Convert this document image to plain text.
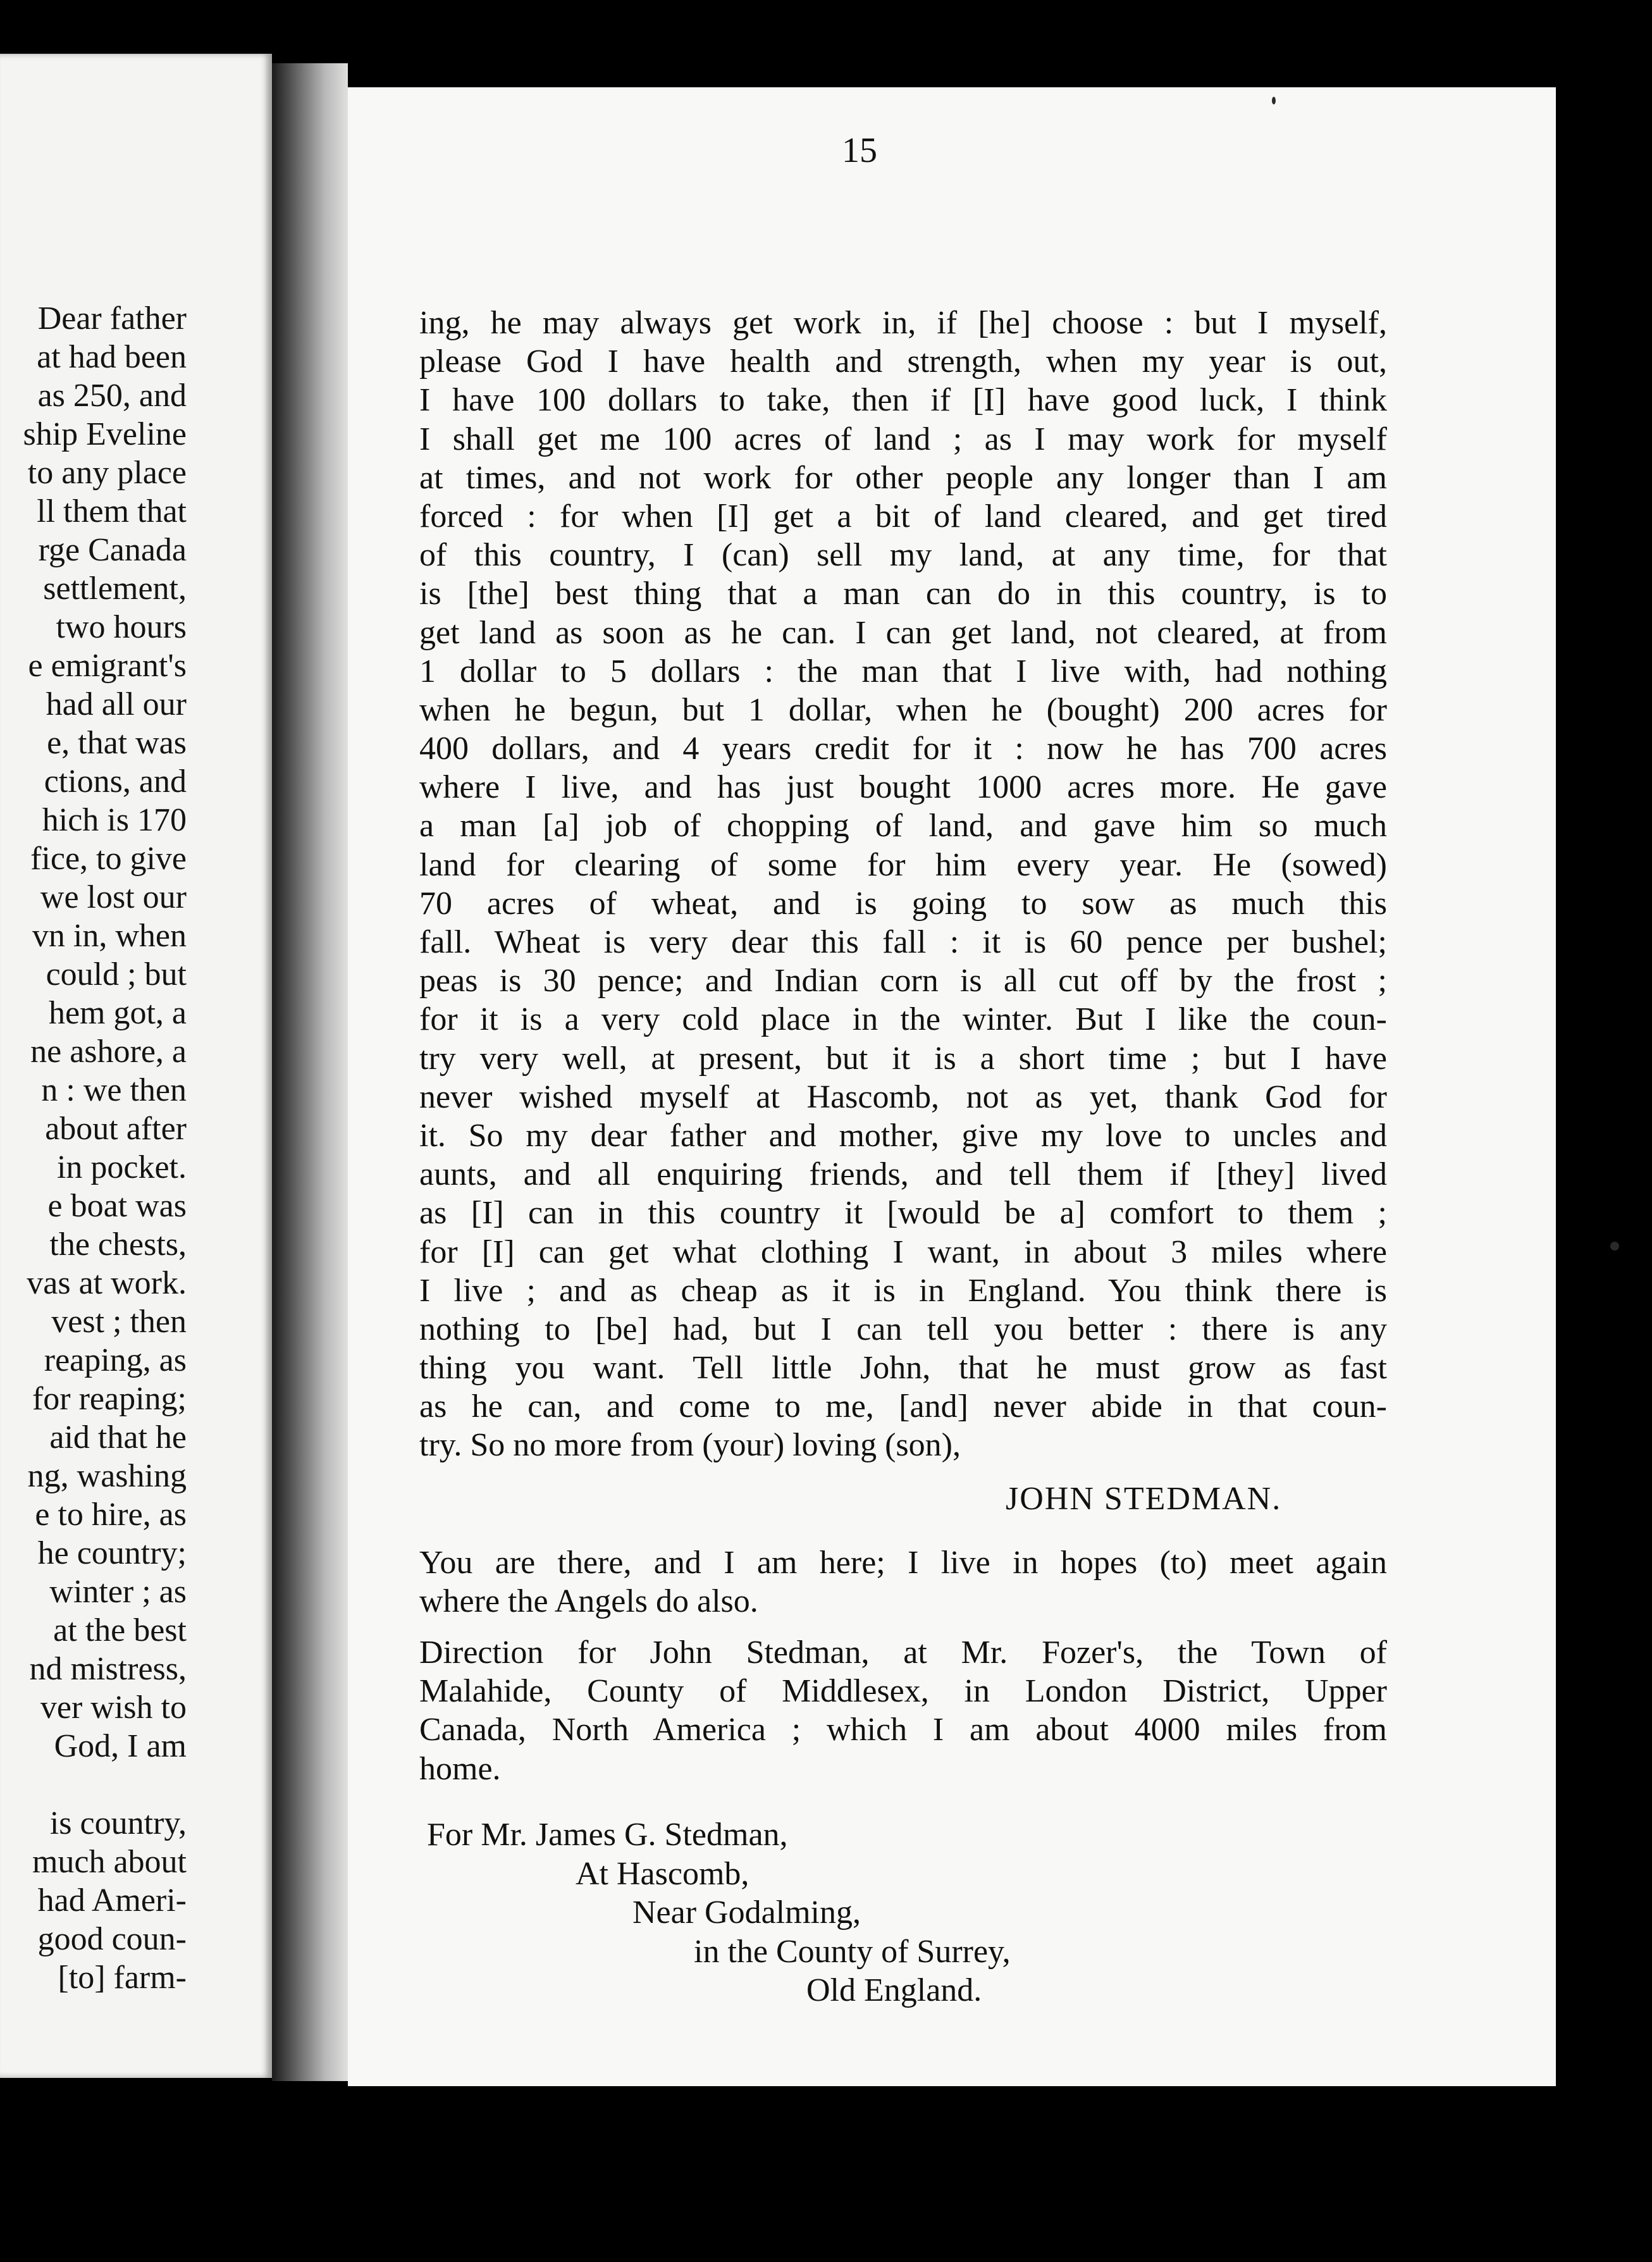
Dear father
at had been
as 250, and
ship Eveline
to any place
ll them that
rge Canada
settlement,
two hours
e emigrant's
had all our
e, that was
ctions, and
hich is 170
fice, to give
we lost our
vn in, when
could ; but
hem got, a
ne ashore, a
n : we then
about after
in pocket.
e boat was
the chests,
vas at work.
vest ; then
reaping, as
for reaping;
aid that he
ng, washing
e to hire, as
he country;
winter ; as
at the best
nd mistress,
ver wish to
God, I am
is country,
much about
had Ameri-
good coun-
[to] farm-
15
ing, he may always get work in, if [he] choose : but I myself,
please God I have health and strength, when my year is out,
I have 100 dollars to take, then if [I] have good luck, I think
I shall get me 100 acres of land ; as I may work for myself
at times, and not work for other people any longer than I am
forced : for when [I] get a bit of land cleared, and get tired
of this country, I (can) sell my land, at any time, for that
is [the] best thing that a man can do in this country, is to
get land as soon as he can. I can get land, not cleared, at from
1 dollar to 5 dollars : the man that I live with, had nothing
when he begun, but 1 dollar, when he (bought) 200 acres for
400 dollars, and 4 years credit for it : now he has 700 acres
where I live, and has just bought 1000 acres more. He gave
a man [a] job of chopping of land, and gave him so much
land for clearing of some for him every year. He (sowed)
70 acres of wheat, and is going to sow as much this
fall. Wheat is very dear this fall : it is 60 pence per bushel;
peas is 30 pence; and Indian corn is all cut off by the frost ;
for it is a very cold place in the winter. But I like the coun-
try very well, at present, but it is a short time ; but I have
never wished myself at Hascomb, not as yet, thank God for
it. So my dear father and mother, give my love to uncles and
aunts, and all enquiring friends, and tell them if [they] lived
as [I] can in this country it [would be a] comfort to them ;
for [I] can get what clothing I want, in about 3 miles where
I live ; and as cheap as it is in England. You think there is
nothing to [be] had, but I can tell you better : there is any
thing you want. Tell little John, that he must grow as fast
as he can, and come to me, [and] never abide in that coun-
try. So no more from (your) loving (son),
JOHN STEDMAN.
You are there, and I am here; I live in hopes (to) meet again
where the Angels do also.
Direction for John Stedman, at Mr. Fozer's, the Town of
Malahide, County of Middlesex, in London District, Upper
Canada, North America ; which I am about 4000 miles from
home.
For Mr. James G. Stedman,
At Hascomb,
Near Godalming,
in the County of Surrey,
Old England.
